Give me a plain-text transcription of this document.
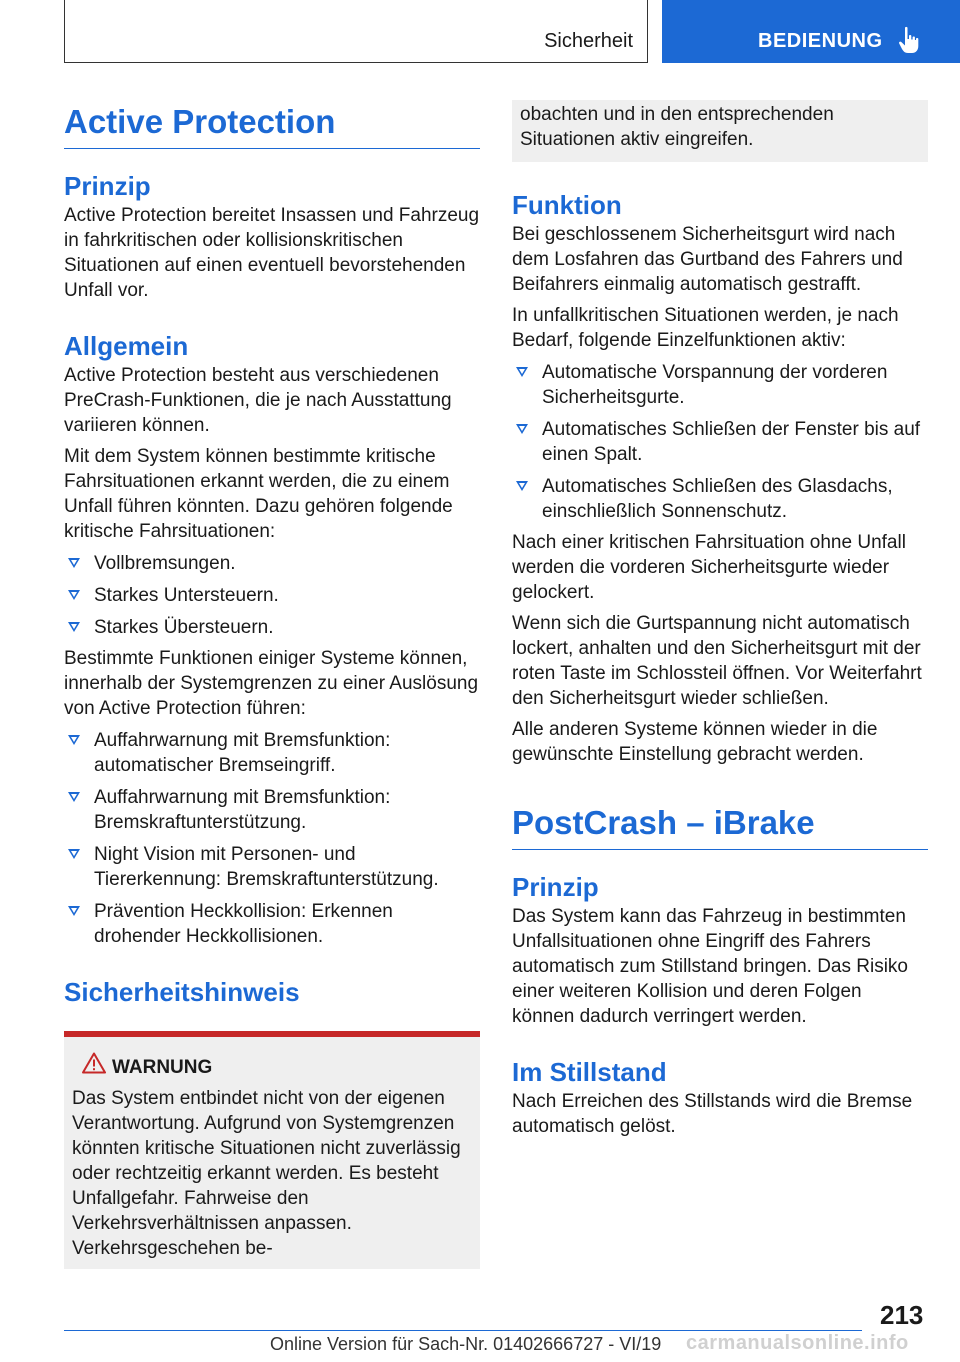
Sicherheit	BEDIENUNG
Active Protection
Prinzip

Active Protection bereitet Insassen und Fahrzeug in fahrkritischen oder kollisionskritischen Situationen auf einen eventuell bevorstehenden Unfall vor.

Allgemein

Active Protection besteht aus verschiedenen PreCrash-Funktionen, die je nach Ausstattung variieren können.

Mit dem System können bestimmte kritische Fahrsituationen erkannt werden, die zu einem Unfall führen könnten. Dazu gehören folgende kritische Fahrsituationen:

Vollbremsungen.
Starkes Untersteuern.
Starkes Übersteuern.

Bestimmte Funktionen einiger Systeme können, innerhalb der Systemgrenzen zu einer Auslösung von Active Protection führen:

Auffahrwarnung mit Bremsfunktion: automatischer Bremseingriff.
Auffahrwarnung mit Bremsfunktion: Bremskraftunterstützung.
Night Vision mit Personen- und Tiererkennung: Bremskraftunterstützung.
Prävention Heckkollision: Erkennen drohender Heckkollisionen.
Sicherheitshinweis
WARNUNG

Das System entbindet nicht von der eigenen Verantwortung. Aufgrund von Systemgrenzen könnten kritische Situationen nicht zuverlässig oder rechtzeitig erkannt werden. Es besteht Unfallgefahr. Fahrweise den Verkehrsverhältnissen anpassen. Verkehrsgeschehen be-

obachten und in den entsprechenden Situationen aktiv eingreifen.

Funktion

Bei geschlossenem Sicherheitsgurt wird nach dem Losfahren das Gurtband des Fahrers und Beifahrers einmalig automatisch gestrafft.

In unfallkritischen Situationen werden, je nach Bedarf, folgende Einzelfunktionen aktiv:

Automatische Vorspannung der vorderen Sicherheitsgurte.
Automatisches Schließen der Fenster bis auf einen Spalt.
Automatisches Schließen des Glasdachs, einschließlich Sonnenschutz.

Nach einer kritischen Fahrsituation ohne Unfall werden die vorderen Sicherheitsgurte wieder gelockert.

Wenn sich die Gurtspannung nicht automatisch lockert, anhalten und den Sicherheitsgurt mit der roten Taste im Schlossteil öffnen. Vor Weiterfahrt den Sicherheitsgurt wieder schließen.

Alle anderen Systeme können wieder in die gewünschte Einstellung gebracht werden.

PostCrash – iBrake
Prinzip

Das System kann das Fahrzeug in bestimmten Unfallsituationen ohne Eingriff des Fahrers automatisch zum Stillstand bringen. Das Risiko einer weiteren Kollision und deren Folgen können dadurch verringert werden.

Im Stillstand

Nach Erreichen des Stillstands wird die Bremse automatisch gelöst.

213
Online Version für Sach-Nr. 01402666727 - VI/19 carmanualsonline.info
